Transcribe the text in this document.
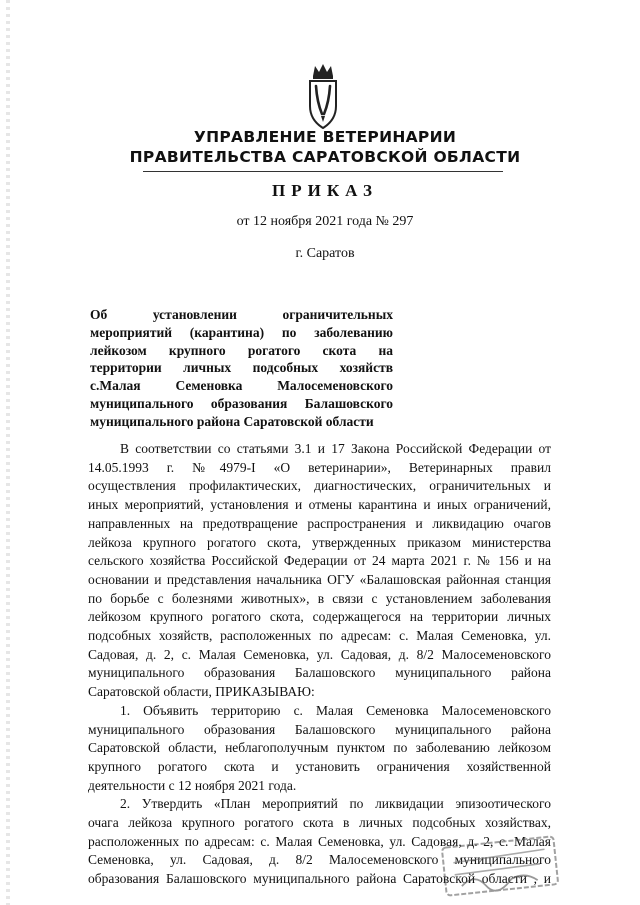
УПРАВЛЕНИЕ ВЕТЕРИНАРИИ
ПРАВИТЕЛЬСТВА САРАТОВСКОЙ ОБЛАСТИ
ПРИКАЗ
от 12 ноября 2021 года № 297
г. Саратов
Об установлении ограничительных
мероприятий (карантина) по заболеванию
лейкозом крупного рогатого скота на
территории личных подсобных хозяйств
с.Малая Семеновка Малосеменовского
муниципального образования Балашовского
муниципального района Саратовской области
В соответствии со статьями 3.1 и 17 Закона Российской Федерации от
14.05.1993 г. №4979-I «О ветеринарии», Ветеринарных правил
осуществления профилактических, диагностических, ограничительных и
иных мероприятий, установления и отмены карантина и иных ограничений,
направленных на предотвращение распространения и ликвидацию очагов
лейкоза крупного рогатого скота, утвержденных приказом министерства
сельского хозяйства Российской Федерации от 24 марта 2021 г. № 156 и на
основании и представления начальника ОГУ «Балашовская районная станция
по борьбе с болезнями животных», в связи с установлением заболевания
лейкозом крупного рогатого скота, содержащегося на территории личных
подсобных хозяйств, расположенных по адресам: с. Малая Семеновка, ул.
Садовая, д. 2, с. Малая Семеновка, ул. Садовая, д. 8/2 Малосеменовского
муниципального образования Балашовского муниципального района
Саратовской области, ПРИКАЗЫВАЮ:
1. Объявить территорию с. Малая Семеновка Малосеменовского
муниципального образования Балашовского муниципального района
Саратовской области, неблагополучным пунктом по заболеванию лейкозом
крупного рогатого скота и установить ограничения хозяйственной
деятельности с 12 ноября 2021 года.
2. Утвердить «План мероприятий по ликвидации эпизоотического
очага лейкоза крупного рогатого скота в личных подсобных хозяйствах,
расположенных по адресам: с. Малая Семеновка, ул. Садовая, д. 2, с. Малая
Семеновка, ул. Садовая, д. 8/2 Малосеменовского муниципального
образования Балашовского муниципального района Саратовской области , и
